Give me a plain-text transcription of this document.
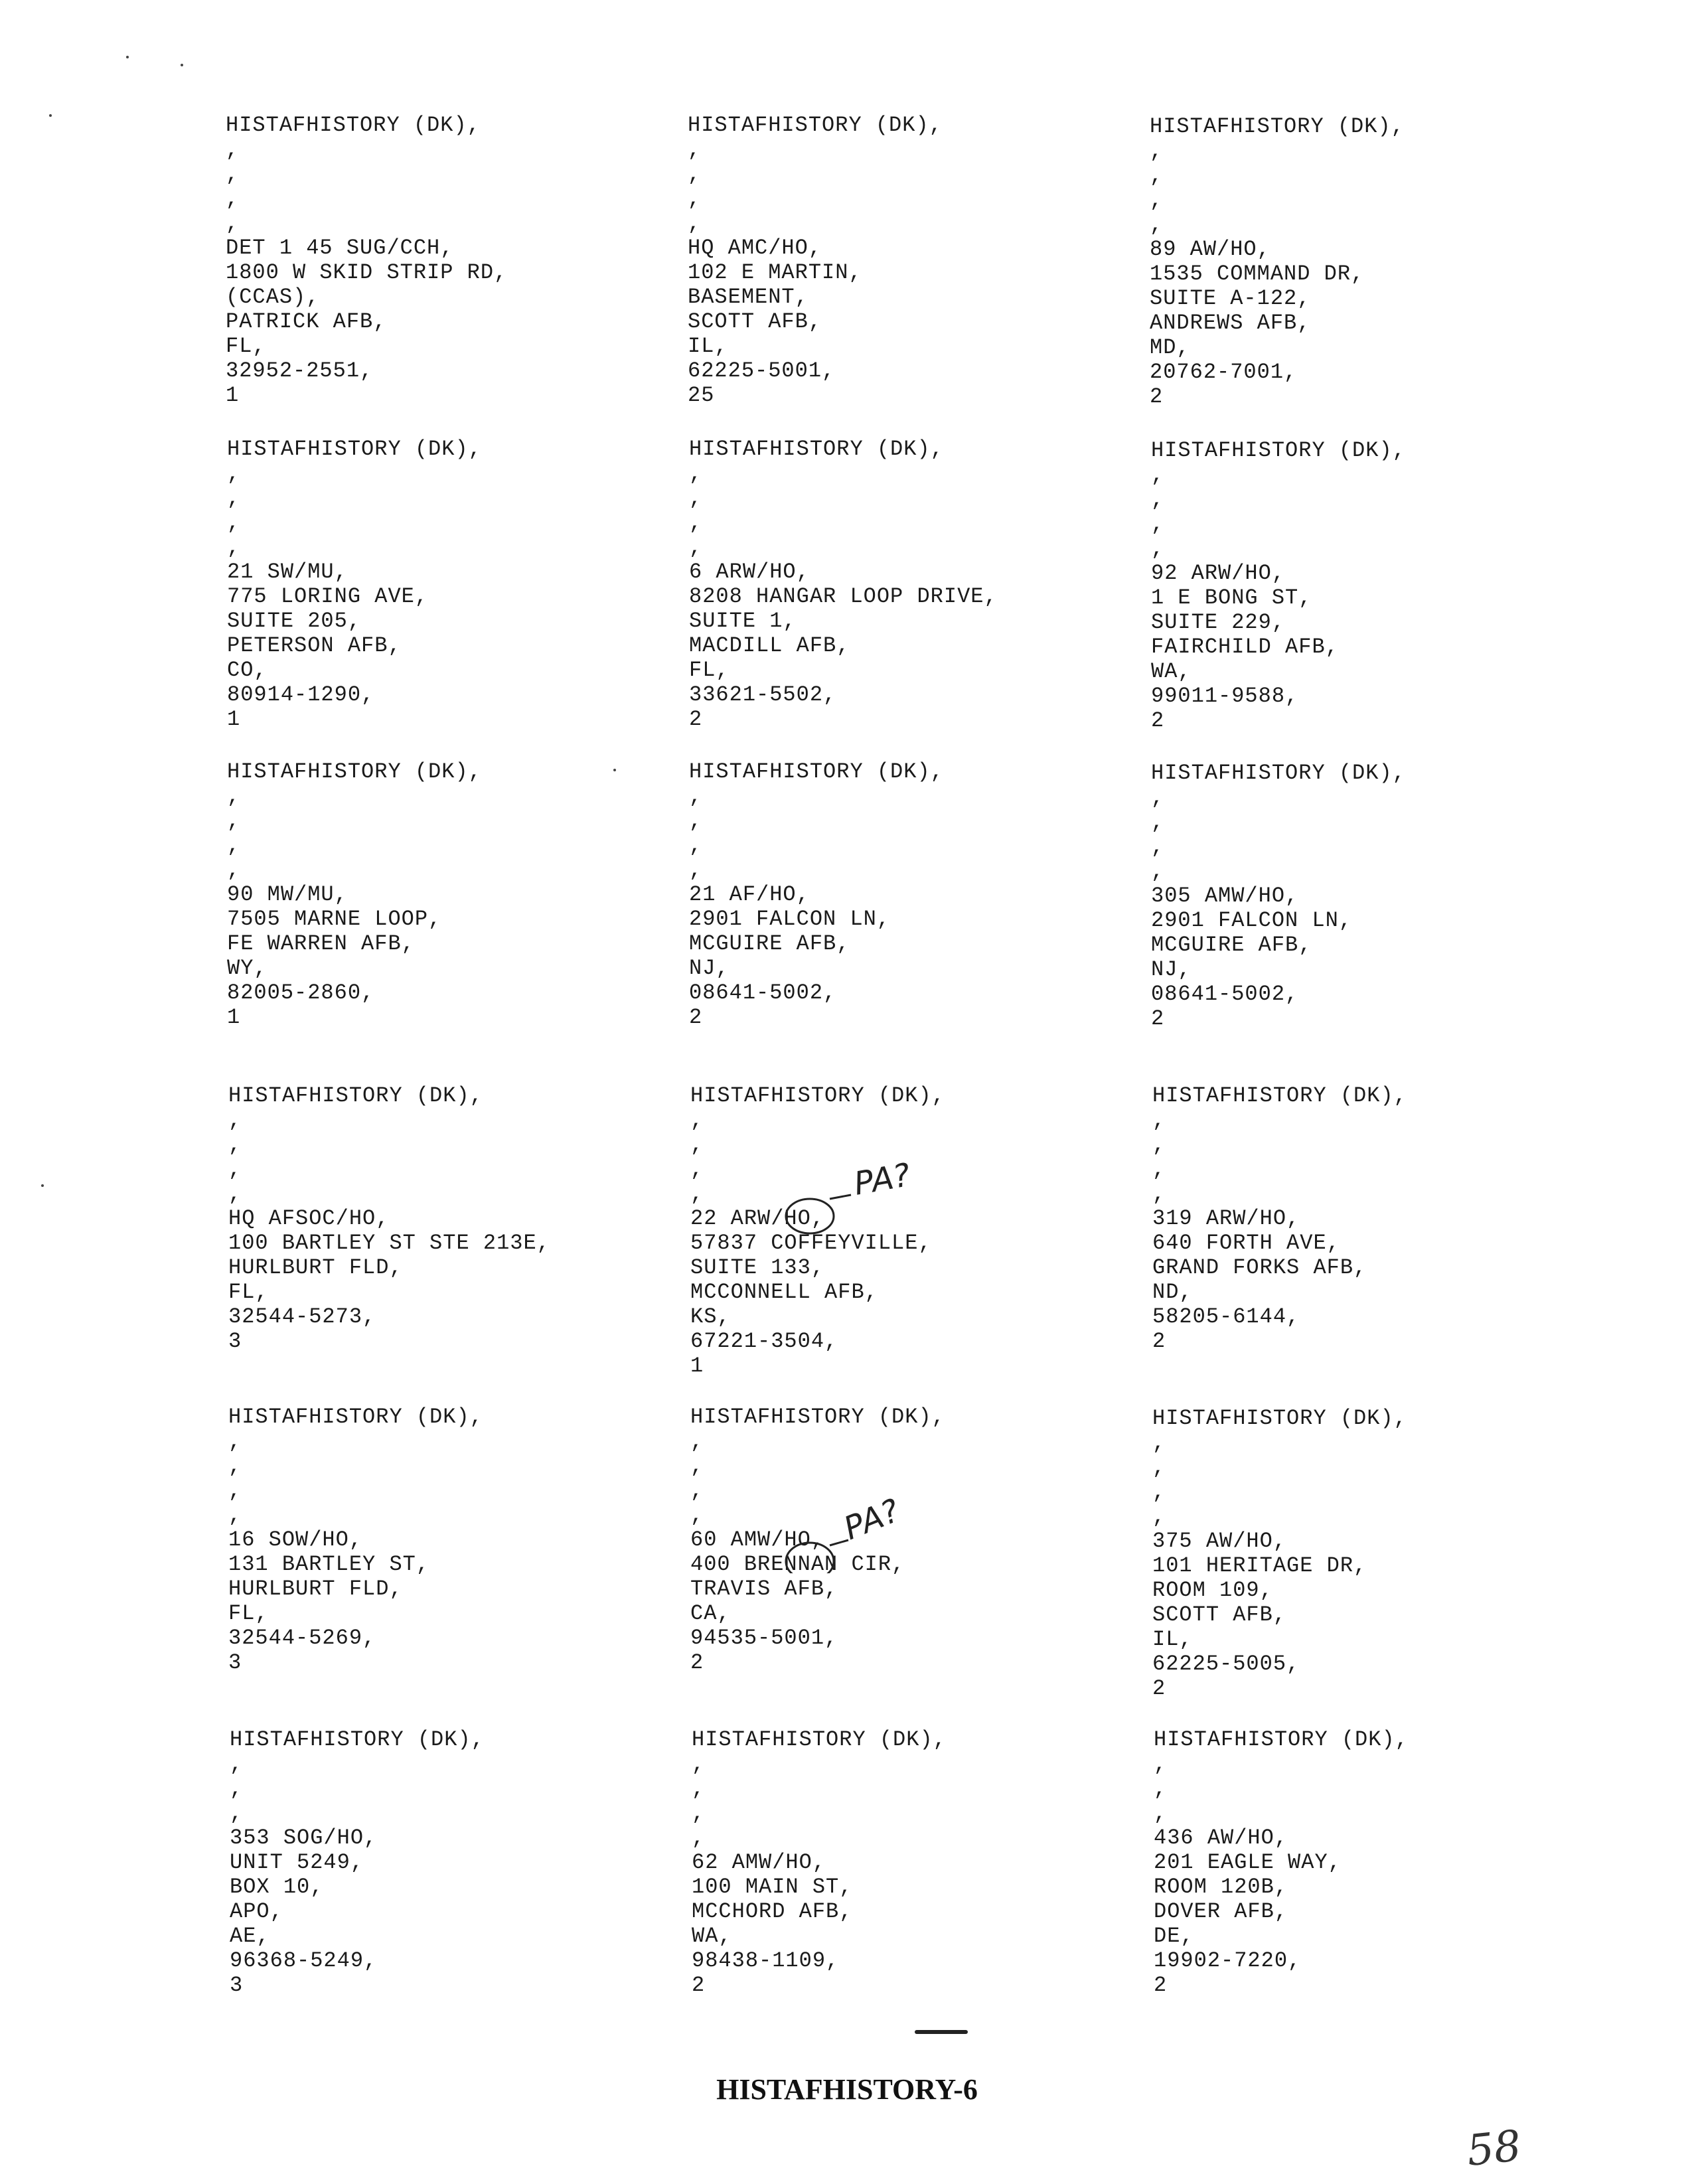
HISTAFHISTORY (DK),
,
,
,
,
DET 1 45 SUG/CCH,
1800 W SKID STRIP RD,
(CCAS),
PATRICK AFB,
FL,
32952-2551,
1
HISTAFHISTORY (DK),
,
,
,
,
HQ AMC/HO,
102 E MARTIN,
BASEMENT,
SCOTT AFB,
IL,
62225-5001,
25
HISTAFHISTORY (DK),
,
,
,
,
89 AW/HO,
1535 COMMAND DR,
SUITE A-122,
ANDREWS AFB,
MD,
20762-7001,
2
HISTAFHISTORY (DK),
,
,
,
,
21 SW/MU,
775 LORING AVE,
SUITE 205,
PETERSON AFB,
CO,
80914-1290,
1
HISTAFHISTORY (DK),
,
,
,
,
6 ARW/HO,
8208 HANGAR LOOP DRIVE,
SUITE 1,
MACDILL AFB,
FL,
33621-5502,
2
HISTAFHISTORY (DK),
,
,
,
,
92 ARW/HO,
1 E BONG ST,
SUITE 229,
FAIRCHILD AFB,
WA,
99011-9588,
2
HISTAFHISTORY (DK),
,
,
,
,
90 MW/MU,
7505 MARNE LOOP,
FE WARREN AFB,
WY,
82005-2860,
1
HISTAFHISTORY (DK),
,
,
,
,
21 AF/HO,
2901 FALCON LN,
MCGUIRE AFB,
NJ,
08641-5002,
2
HISTAFHISTORY (DK),
,
,
,
,
305 AMW/HO,
2901 FALCON LN,
MCGUIRE AFB,
NJ,
08641-5002,
2
HISTAFHISTORY (DK),
,
,
,
,
HQ AFSOC/HO,
100 BARTLEY ST STE 213E,
HURLBURT FLD,
FL,
32544-5273,
3
HISTAFHISTORY (DK),
,
,
,
,
22 ARW/HO,
57837 COFFEYVILLE,
SUITE 133,
MCCONNELL AFB,
KS,
67221-3504,
1
HISTAFHISTORY (DK),
,
,
,
,
319 ARW/HO,
640 FORTH AVE,
GRAND FORKS AFB,
ND,
58205-6144,
2
HISTAFHISTORY (DK),
,
,
,
,
16 SOW/HO,
131 BARTLEY ST,
HURLBURT FLD,
FL,
32544-5269,
3
HISTAFHISTORY (DK),
,
,
,
,
60 AMW/HO,
400 BRENNAN CIR,
TRAVIS AFB,
CA,
94535-5001,
2
HISTAFHISTORY (DK),
,
,
,
,
375 AW/HO,
101 HERITAGE DR,
ROOM 109,
SCOTT AFB,
IL,
62225-5005,
2
HISTAFHISTORY (DK),
,
,
,
353 SOG/HO,
UNIT 5249,
BOX 10,
APO,
AE,
96368-5249,
3
HISTAFHISTORY (DK),
,
,
,
,
62 AMW/HO,
100 MAIN ST,
MCCHORD AFB,
WA,
98438-1109,
2
HISTAFHISTORY (DK),
,
,
,
436 AW/HO,
201 EAGLE WAY,
ROOM 120B,
DOVER AFB,
DE,
19902-7220,
2
PA?
PA?
HISTAFHISTORY-6
58
